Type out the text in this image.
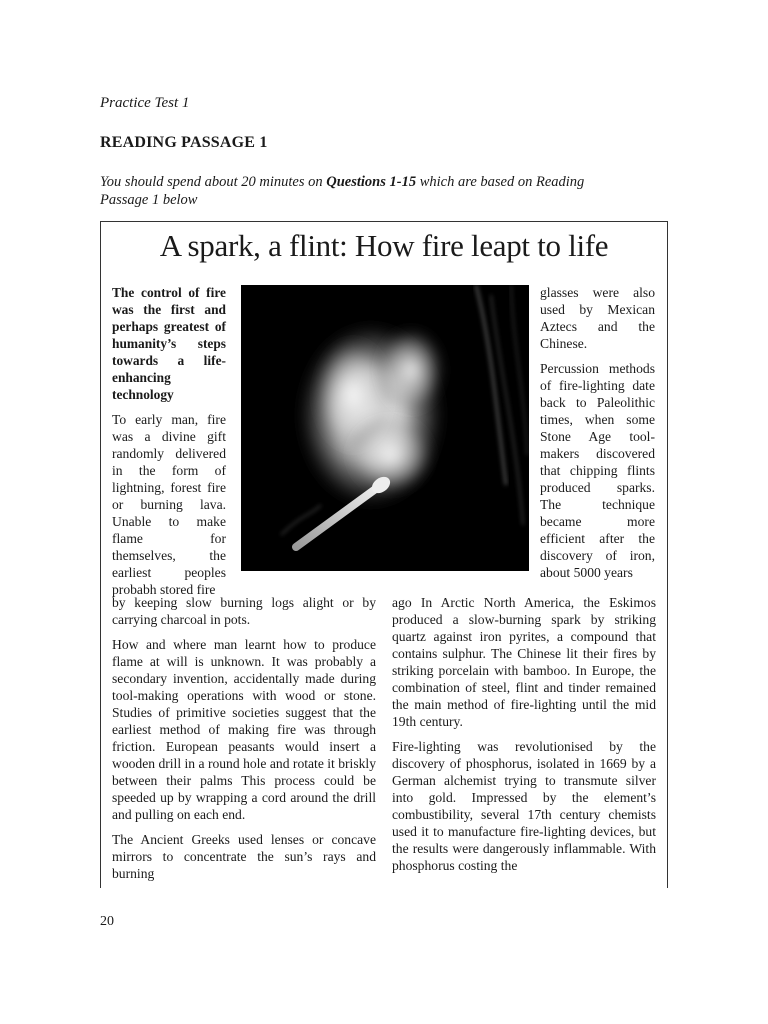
Practice Test 1
READING PASSAGE 1
You should spend about 20 minutes on Questions 1-15 which are based on Reading Passage 1 below
A spark, a flint: How fire leapt to life

The control of fire was the first and perhaps greatest of humanity’s steps towards a life-enhancing technology

To early man, fire was a divine gift randomly delivered in the form of lightning, forest fire or burning lava. Unable to make flame for themselves, the earliest peoples probabh stored fire

glasses were also used by Mexican Aztecs and the Chinese.

Percussion methods of fire-lighting date back to Paleolithic times, when some Stone Age tool-makers discovered that chipping flints produced sparks. The technique became more efficient after the discovery of iron, about 5000 years

by keeping slow burning logs alight or by carrying charcoal in pots.

How and where man learnt how to produce flame at will is unknown. It was probably a secondary invention, accidentally made during tool-making operations with wood or stone. Studies of primitive societies suggest that the earliest method of making fire was through friction. European peasants would insert a wooden drill in a round hole and rotate it briskly between their palms This process could be speeded up by wrapping a cord around the drill and pulling on each end.

The Ancient Greeks used lenses or concave mirrors to concentrate the sun’s rays and burning

ago In Arctic North America, the Eskimos produced a slow-burning spark by striking quartz against iron pyrites, a compound that contains sulphur. The Chinese lit their fires by striking porcelain with bamboo. In Europe, the combination of steel, flint and tinder remained the main method of fire-lighting until the mid 19th century.

Fire-lighting was revolutionised by the discovery of phosphorus, isolated in 1669 by a German alchemist trying to transmute silver into gold. Impressed by the element’s combustibility, several 17th century chemists used it to manufacture fire-lighting devices, but the results were dangerously inflammable. With phosphorus costing the

20
